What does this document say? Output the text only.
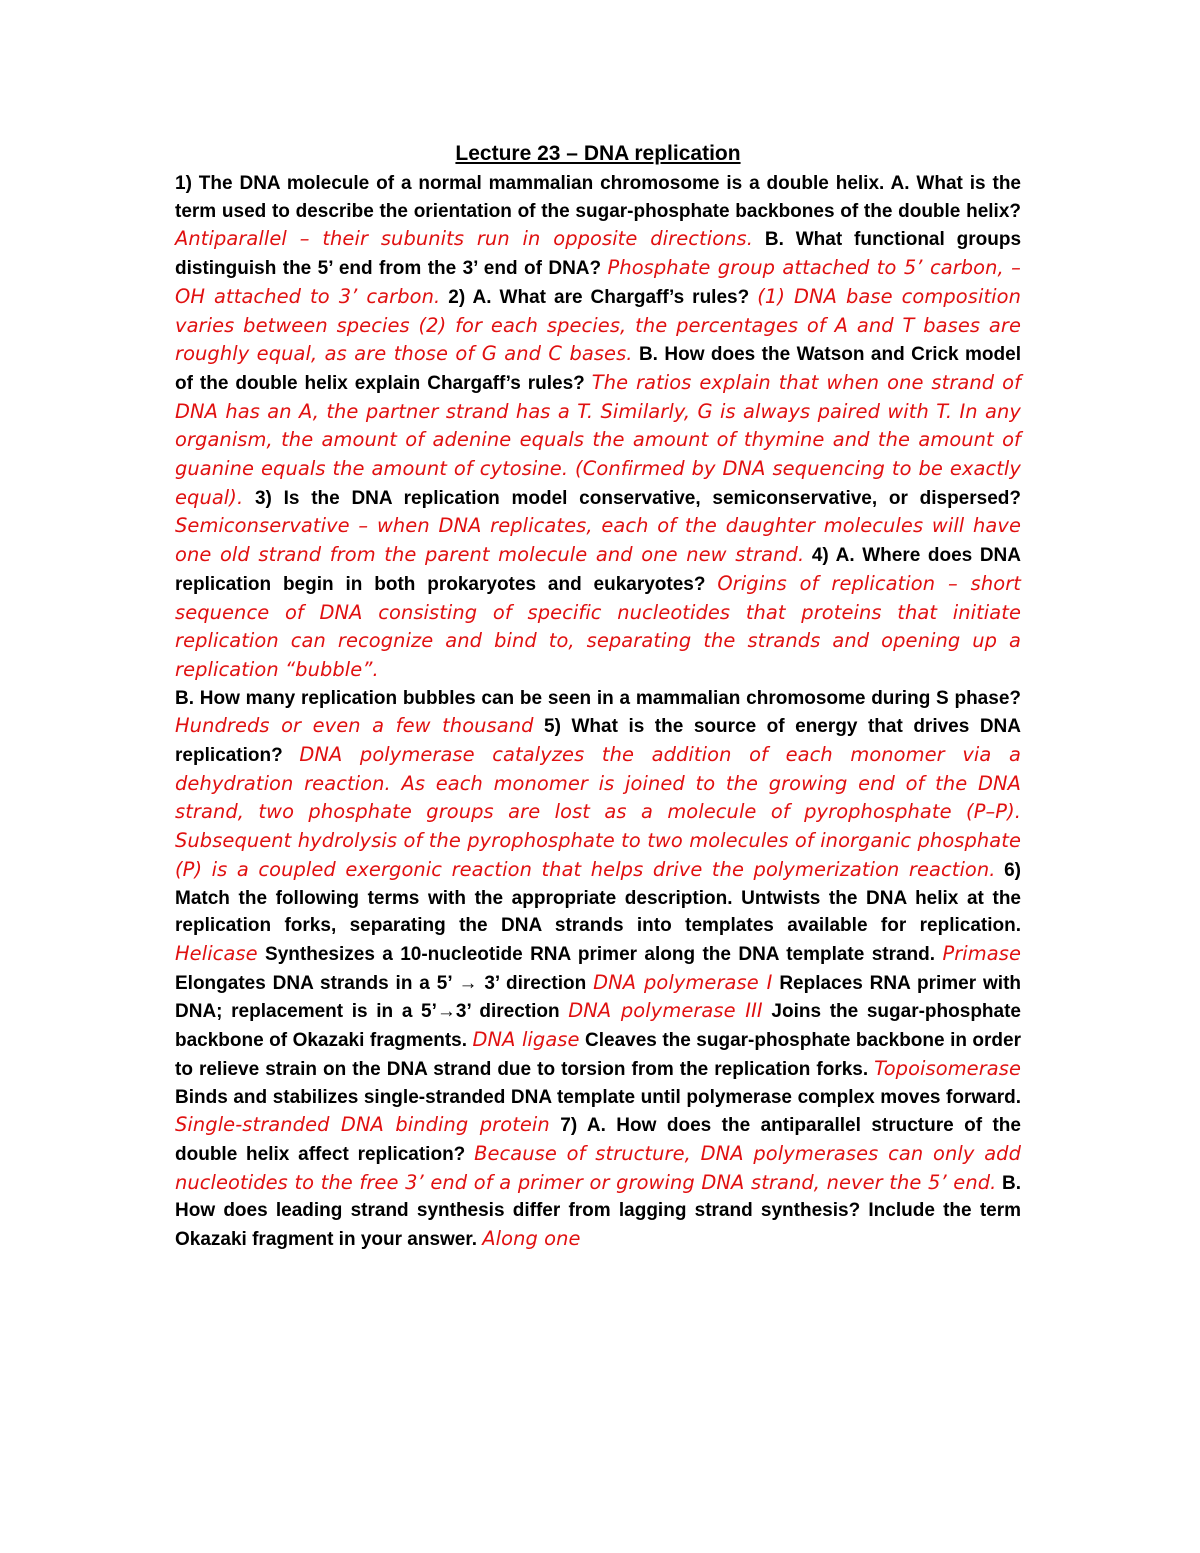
Lecture 23 – DNA replication

1) The DNA molecule of a normal mammalian chromosome is a double helix. A. What is the term used to describe the orientation of the sugar-phosphate backbones of the double helix? Antiparallel – their subunits run in opposite directions. B. What functional groups distinguish the 5’ end from the 3’ end of DNA? Phosphate group attached to 5’ carbon, –OH attached to 3’ carbon. 2) A. What are Chargaff’s rules? (1) DNA base composition varies between species (2) for each species, the percentages of A and T bases are roughly equal, as are those of G and C bases. B. How does the Watson and Crick model of the double helix explain Chargaff’s rules? The ratios explain that when one strand of DNA has an A, the partner strand has a T. Similarly, G is always paired with T. In any organism, the amount of adenine equals the amount of thymine and the amount of guanine equals the amount of cytosine. (Confirmed by DNA sequencing to be exactly equal). 3) Is the DNA replication model conservative, semiconservative, or dispersed? Semiconservative – when DNA replicates, each of the daughter molecules will have one old strand from the parent molecule and one new strand. 4) A. Where does DNA replication begin in both prokaryotes and eukaryotes? Origins of replication – short sequence of DNA consisting of specific nucleotides that proteins that initiate replication can recognize and bind to, separating the strands and opening up a replication “bubble”.

B. How many replication bubbles can be seen in a mammalian chromosome during S phase? Hundreds or even a few thousand 5) What is the source of energy that drives DNA replication? DNA polymerase catalyzes the addition of each monomer via a dehydration reaction. As each monomer is joined to the growing end of the DNA strand, two phosphate groups are lost as a molecule of pyrophosphate (P–P). Subsequent hydrolysis of the pyrophosphate to two molecules of inorganic phosphate (P) is a coupled exergonic reaction that helps drive the polymerization reaction. 6) Match the following terms with the appropriate description. Untwists the DNA helix at the replication forks, separating the DNA strands into templates available for replication. Helicase Synthesizes a 10-nucleotide RNA primer along the DNA template strand. Primase Elongates DNA strands in a 5’ → 3’ direction DNA polymerase I Replaces RNA primer with DNA; replacement is in a 5’→3’ direction DNA polymerase III Joins the sugar-phosphate backbone of Okazaki fragments. DNA ligase Cleaves the sugar-phosphate backbone in order to relieve strain on the DNA strand due to torsion from the replication forks. Topoisomerase Binds and stabilizes single-stranded DNA template until polymerase complex moves forward. Single-stranded DNA binding protein 7) A. How does the antiparallel structure of the double helix affect replication? Because of structure, DNA polymerases can only add nucleotides to the free 3’ end of a primer or growing DNA strand, never the 5’ end. B. How does leading strand synthesis differ from lagging strand synthesis? Include the term Okazaki fragment in your answer. Along one
